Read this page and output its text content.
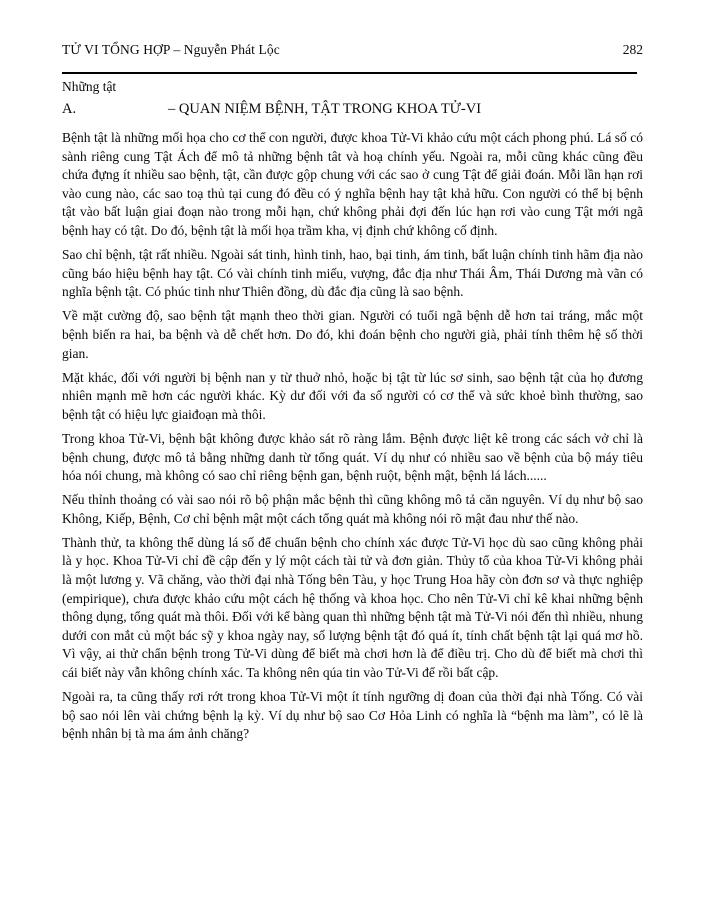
TỬ VI TỔNG HỢP – Nguyễn Phát Lộc	282
Những tật
A.	– QUAN NIỆM BỆNH, TẬT TRONG KHOA TỬ-VI

Bệnh tật là những mối họa cho cơ thể con người, được khoa Tử-Vi khảo cứu một cách phong phú. Lá số có sành riêng cung Tật Ách để mô tả những bệnh tât và hoạ chính yếu. Ngoài ra, mỗi cũng khác cũng đều chứa đựng ít nhiều sao bệnh, tật, cần được gộp chung với các sao ở cung Tật để giải đoán. Mỗi lần hạn rơi vào cung nào, các sao toạ thủ tại cung đó đều có ý nghĩa bệnh hay tật khả hữu. Con người có thể bị bệnh tật vào bất luận giai đoạn nào trong mỗi hạn, chứ không phải đợi đến lúc hạn rơi vào cung Tật mới ngã bệnh hay có tật. Do đó, bệnh tật là mối họa trầm kha, vị định chứ không cố định.

Sao chỉ bệnh, tật rất nhiều. Ngoài sát tinh, hình tinh, hao, bại tinh, ám tinh, bất luận chính tinh hãm địa nào cũng báo hiệu bệnh hay tật. Có vài chính tinh miếu, vượng, đắc địa như Thái Âm, Thái Dương mà vãn có nghĩa bệnh tật. Có phúc tinh như Thiên đồng, dù đắc địa cũng là sao bệnh.

Về mặt cường độ, sao bệnh tật mạnh theo thời gian. Người có tuổi ngã bệnh dễ hơn tai tráng, mắc một bệnh biến ra hai, ba bệnh và dễ chết hơn. Do đó, khi đoán bệnh cho người già, phải tính thêm hệ số thời gian.

Mặt khác, đối với người bị bệnh nan y từ thuở nhỏ, hoặc bị tật từ lúc sơ sinh, sao bệnh tật của họ đương nhiên mạnh mẽ hơn các người khác. Kỳ dư đối với đa số người có cơ thể và sức khoẻ bình thường, sao bệnh tật có hiệu lực giaiđoạn mà thôi.

Trong khoa Tử-Vi, bệnh bật không được khảo sát rõ ràng lắm. Bệnh được liệt kê trong các sách vở chỉ là bệnh chung, được mô tả bằng những danh từ tổng quát. Ví dụ như có nhiều sao về bệnh của bộ máy tiêu hóa nói chung, mà không có sao chỉ riêng bệnh gan, bệnh ruột, bệnh mật, bệnh lá lách......

Nếu thỉnh thoảng có vài sao nói rõ bộ phận mắc bệnh thì cũng không mô tả căn nguyên. Ví dụ như bộ sao Không, Kiếp, Bệnh, Cơ chỉ bệnh mật một cách tổng quát mà không nói rõ mật đau như thế nào.

Thành thử, ta không thể dùng lá số để chuẩn bệnh cho chính xác được Tử-Vi học dù sao cũng không phải là y học. Khoa Tử-Vi chỉ đề cập đến y lý một cách tài tử và đơn giản. Thủy tổ của khoa Tử-Vi không phải là một lương y. Vã chăng, vào thời đại nhà Tống bên Tàu, y học Trung Hoa hãy còn đơn sơ và thực nghiệp (empirique), chưa được khảo cứu một cách hệ thống và khoa học. Cho nên Tử-Vi chỉ kê khai những bệnh thông dụng, tổng quát mà thôi. Đối với kể bàng quan thì những bệnh tật mà Tử-Vi nói đến thì nhiều, nhung dưới con mắt củ một bác sỹ y khoa ngày nay, số lượng bệnh tật đó quá ít, tính chất bệnh tật lại quá mơ hồ. Vì vậy, ai thử chẩn bệnh trong Tử-Vi dùng để biết mà chơi hơn là để điều trị. Cho dù để biết mà chơi thì cái biết này vẫn không chính xác. Ta không nên qúa tin vào Tử-Vi để rồi bất cập.

Ngoài ra, ta cũng thấy rơi rớt trong khoa Tử-Vi một ít tính ngưỡng dị đoan của thời đại nhà Tống. Có vài bộ sao nói lên vài chứng bệnh lạ kỳ. Ví dụ như bộ sao Cơ Hỏa Linh có nghĩa là “bệnh ma làm”, có lẽ là bệnh nhân bị tà ma ám ảnh chăng?
